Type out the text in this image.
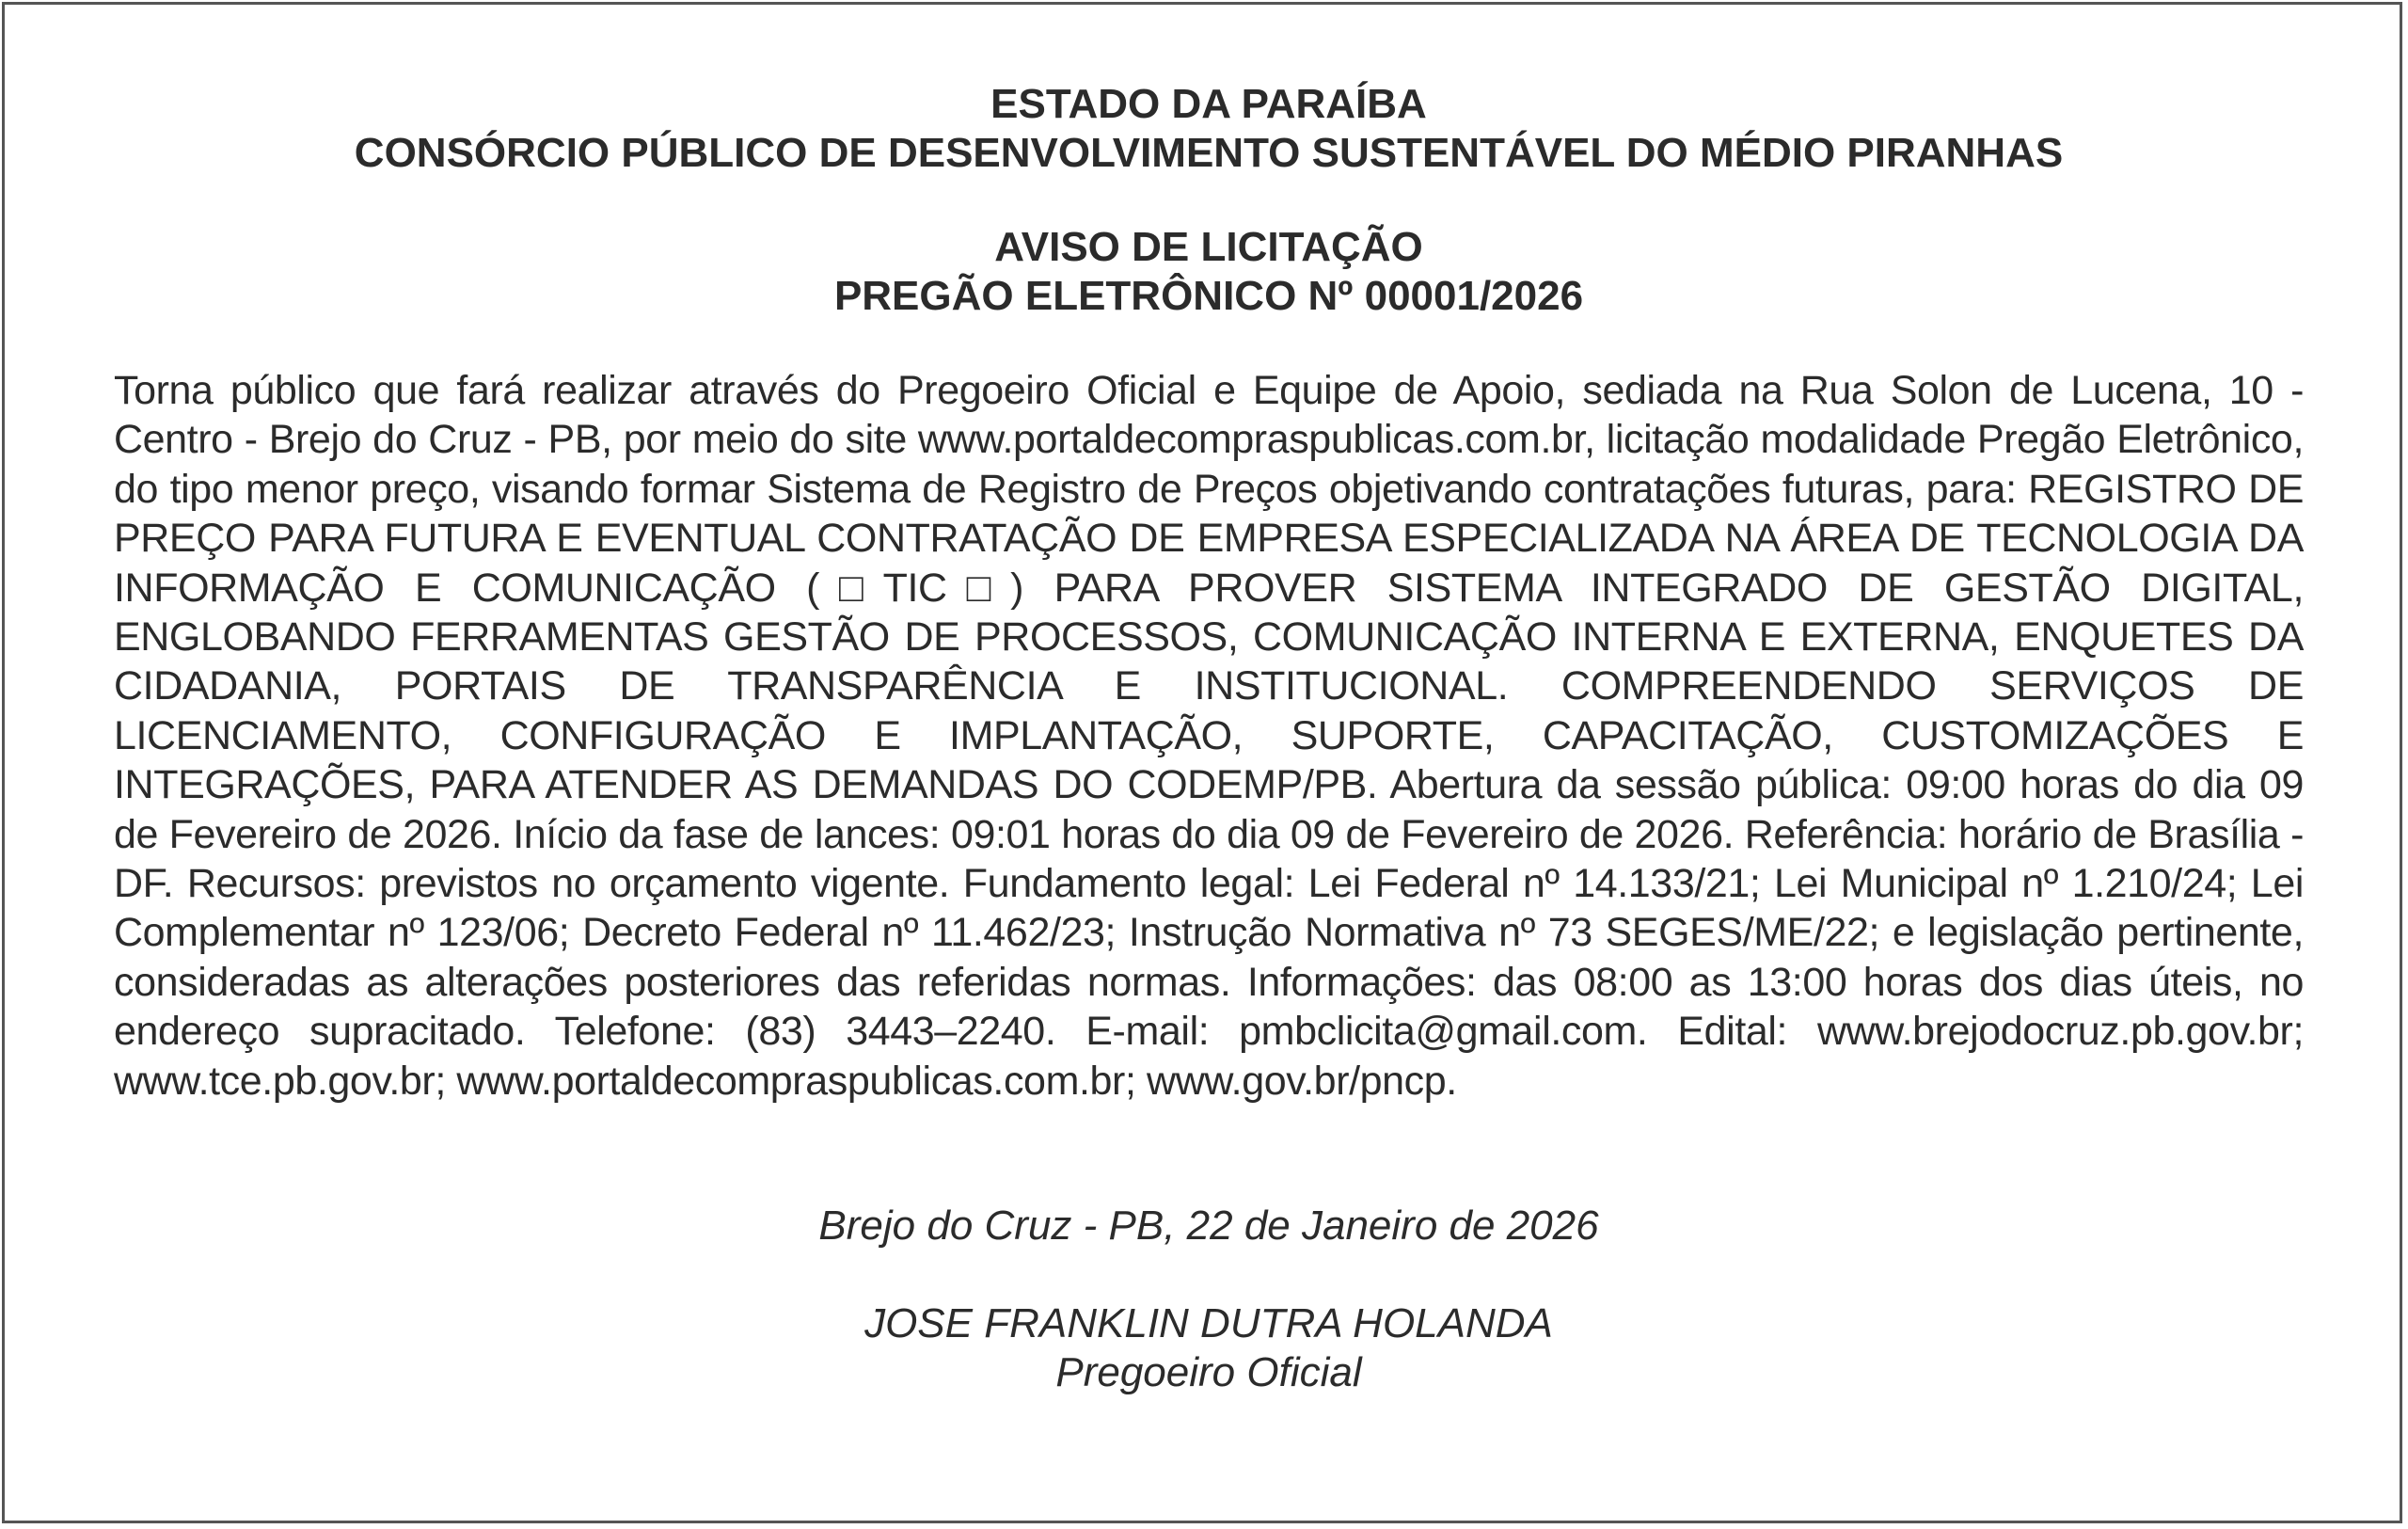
ESTADO DA PARAÍBA

CONSÓRCIO PÚBLICO DE DESENVOLVIMENTO SUSTENTÁVEL DO MÉDIO PIRANHAS

AVISO DE LICITAÇÃO

PREGÃO ELETRÔNICO Nº 00001/2026

Torna público que fará realizar através do Pregoeiro Oficial e Equipe de Apoio, sediada na Rua Solon de Lucena, 10 - Centro - Brejo do Cruz - PB, por meio do site www.portaldecompraspublicas.com.br, licitação modalidade Pregão Eletrônico, do tipo menor preço, visando formar Sistema de Registro de Preços objetivando contratações futuras, para: REGISTRO DE PREÇO PARA FUTURA E EVENTUAL CONTRATAÇÃO DE EMPRESA ESPECIALIZADA NA ÁREA DE TECNOLOGIA DA INFORMAÇÃO E COMUNICAÇÃO (□TIC□) PARA PROVER SISTEMA INTEGRADO DE GESTÃO DIGITAL, ENGLOBANDO FERRAMENTAS GESTÃO DE PROCESSOS, COMUNICAÇÃO INTERNA E EXTERNA, ENQUETES DA CIDADANIA, PORTAIS DE TRANSPARÊNCIA E INSTITUCIONAL. COMPREENDENDO SERVIÇOS DE LICENCIAMENTO, CONFIGURAÇÃO E IMPLANTAÇÃO, SUPORTE, CAPACITAÇÃO, CUSTOMIZAÇÕES E INTEGRAÇÕES, PARA ATENDER AS DEMANDAS DO CODEMP/PB. Abertura da sessão pública: 09:00 horas do dia 09 de Fevereiro de 2026. Início da fase de lances: 09:01 horas do dia 09 de Fevereiro de 2026. Referência: horário de Brasília - DF. Recursos: previstos no orçamento vigente. Fundamento legal: Lei Federal nº 14.133/21; Lei Municipal nº 1.210/24; Lei Complementar nº 123/06; Decreto Federal nº 11.462/23; Instrução Normativa nº 73 SEGES/ME/22; e legislação pertinente, consideradas as alterações posteriores das referidas normas. Informações: das 08:00 as 13:00 horas dos dias úteis, no endereço supracitado. Telefone: (83) 3443–2240. E-mail: pmbclicita@gmail.com. Edital: www.brejodocruz.pb.gov.br; www.tce.pb.gov.br; www.portaldecompraspublicas.com.br; www.gov.br/pncp.

Brejo do Cruz - PB, 22 de Janeiro de 2026

JOSE FRANKLIN DUTRA HOLANDA

Pregoeiro Oficial
